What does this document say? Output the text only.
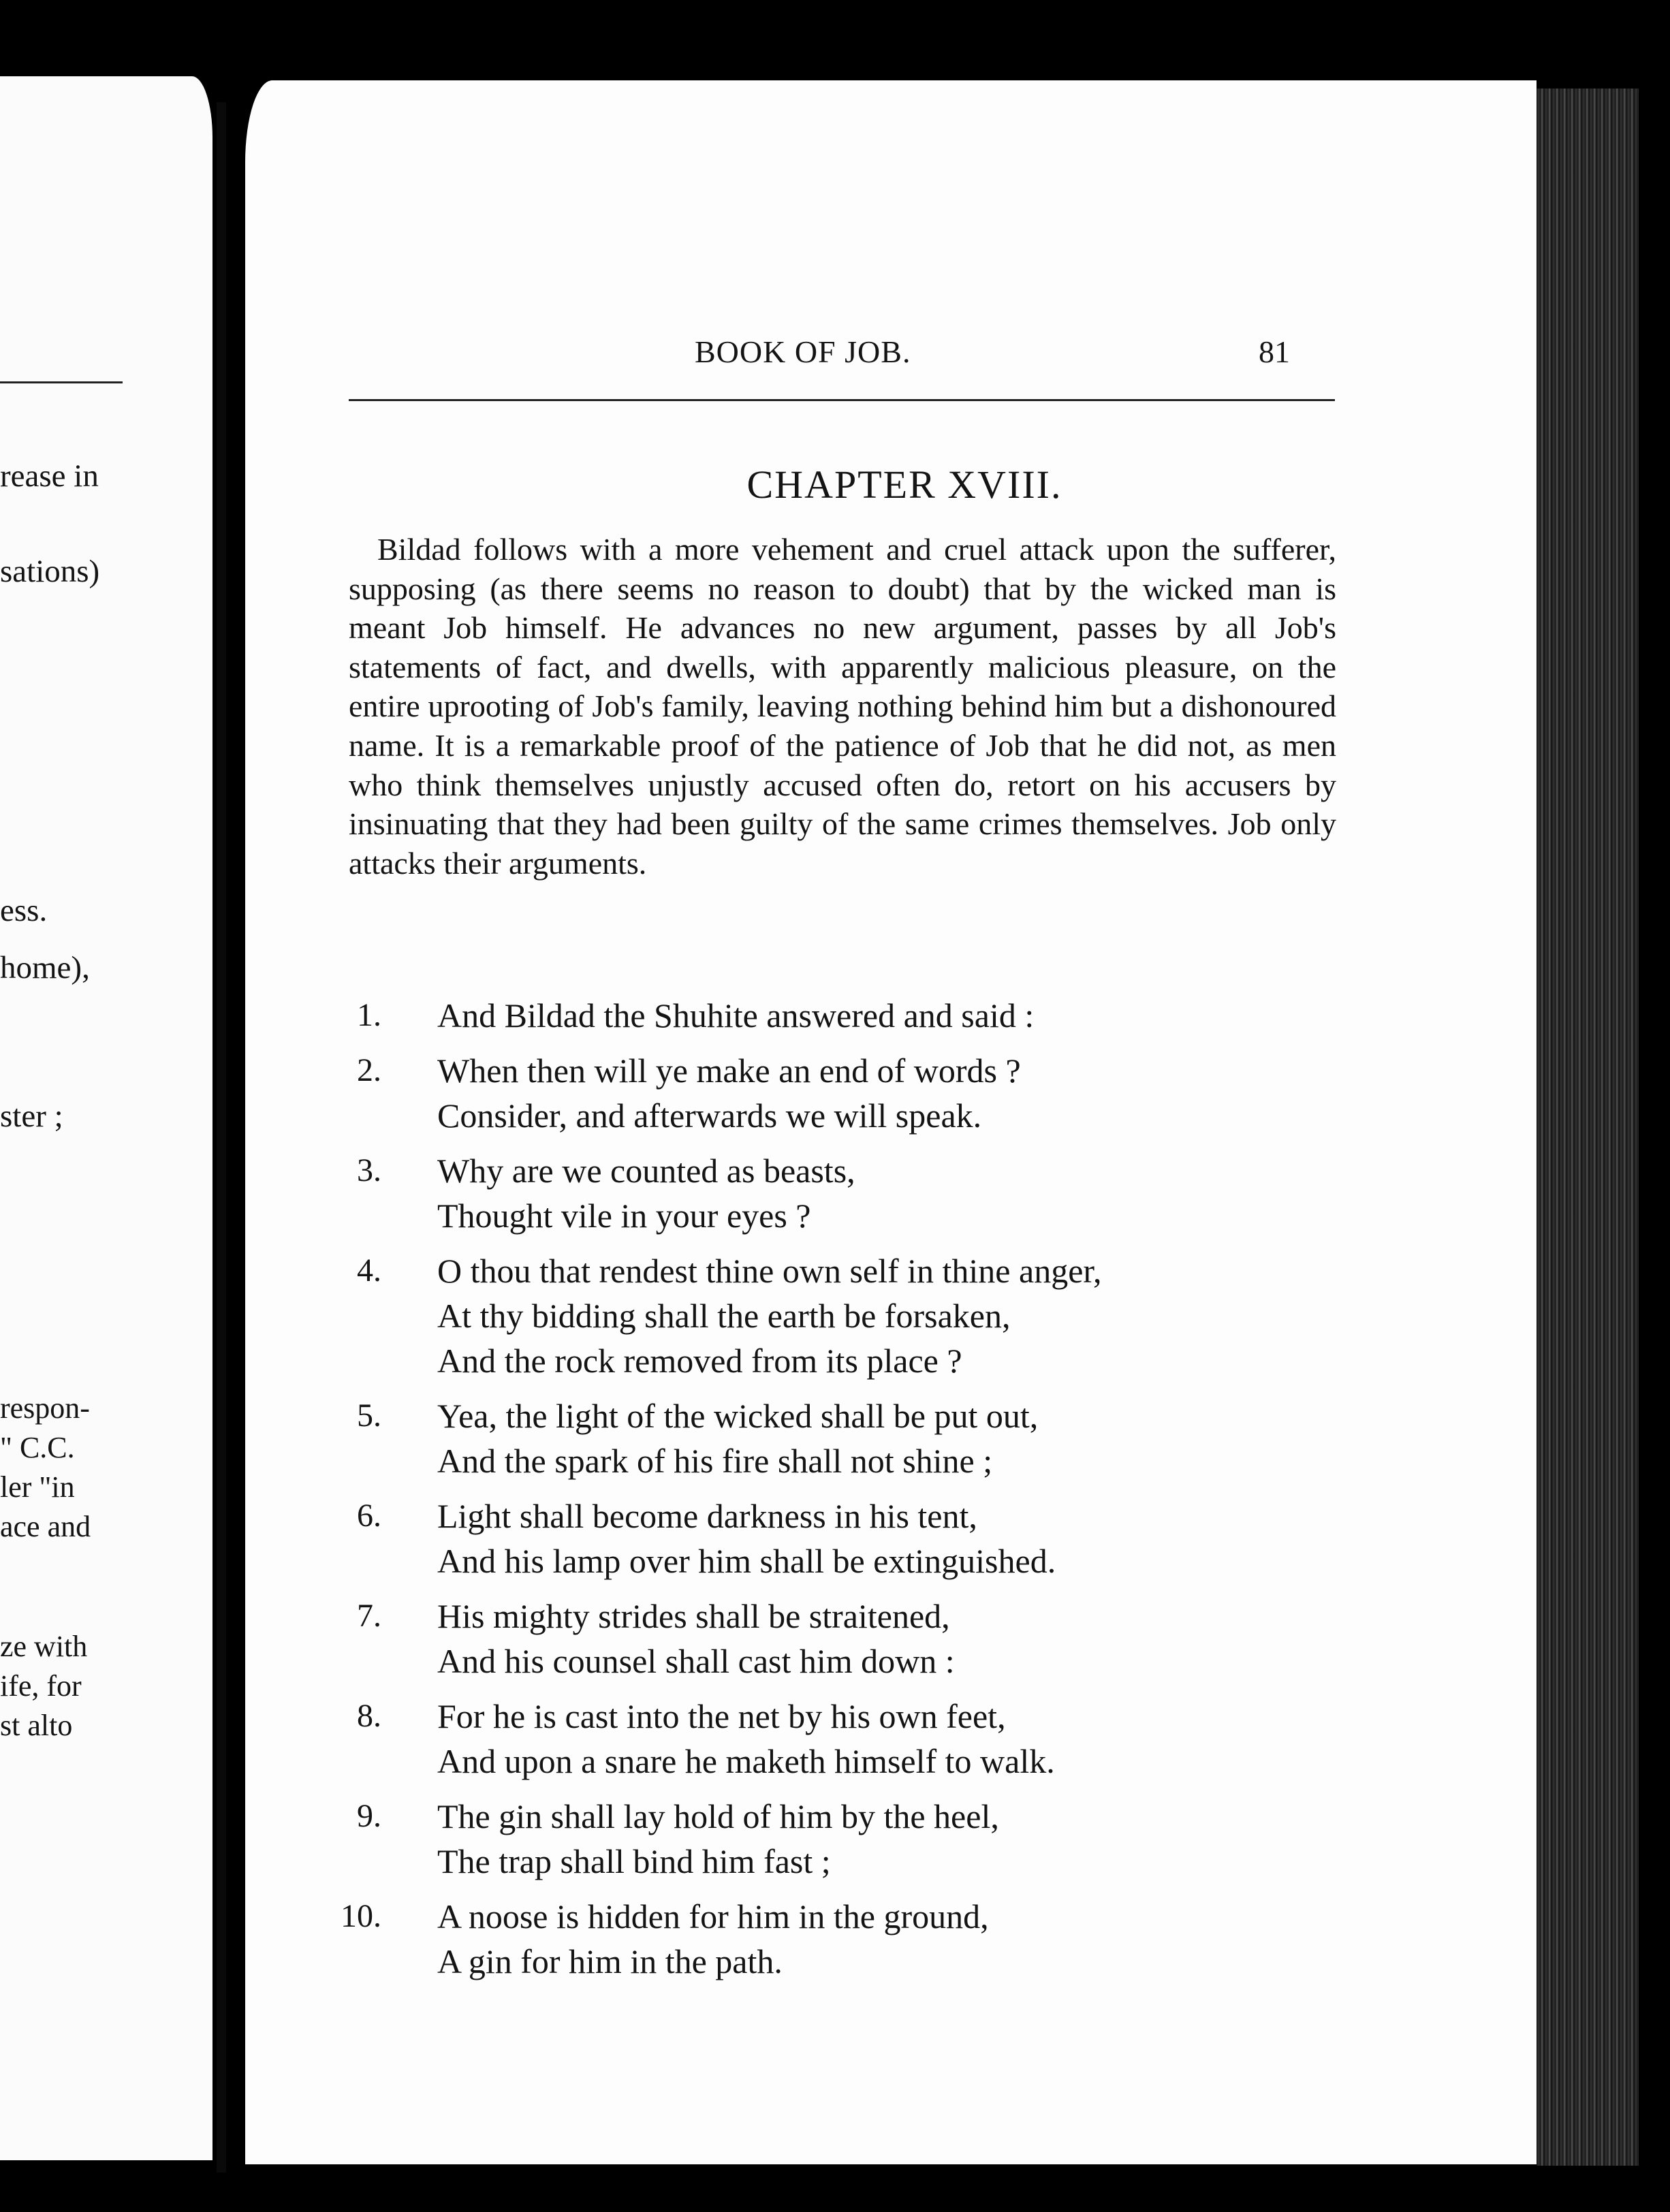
rease in
sations)
ess.
home),
ster ;
respon-
" C.C.
ler "in
ace and
ze with
ife, for
st alto
BOOK OF JOB.	81
CHAPTER XVIII.

Bildad follows with a more vehement and cruel attack upon the sufferer, supposing (as there seems no reason to doubt) that by the wicked man is meant Job himself. He advances no new argument, passes by all Job's statements of fact, and dwells, with apparently malicious pleasure, on the entire uprooting of Job's family, leaving nothing behind him but a dishonoured name. It is a remarkable proof of the patience of Job that he did not, as men who think themselves unjustly accused often do, retort on his accusers by insinuating that they had been guilty of the same crimes themselves. Job only attacks their arguments.

1. And Bildad the Shuhite answered and said :
2. When then will ye make an end of words ?
Consider, and afterwards we will speak.
3. Why are we counted as beasts,
Thought vile in your eyes ?
4. O thou that rendest thine own self in thine anger,
At thy bidding shall the earth be forsaken,
And the rock removed from its place ?
5. Yea, the light of the wicked shall be put out,
And the spark of his fire shall not shine ;
6. Light shall become darkness in his tent,
And his lamp over him shall be extinguished.
7. His mighty strides shall be straitened,
And his counsel shall cast him down :
8. For he is cast into the net by his own feet,
And upon a snare he maketh himself to walk.
9. The gin shall lay hold of him by the heel,
The trap shall bind him fast ;
10. A noose is hidden for him in the ground,
A gin for him in the path.
